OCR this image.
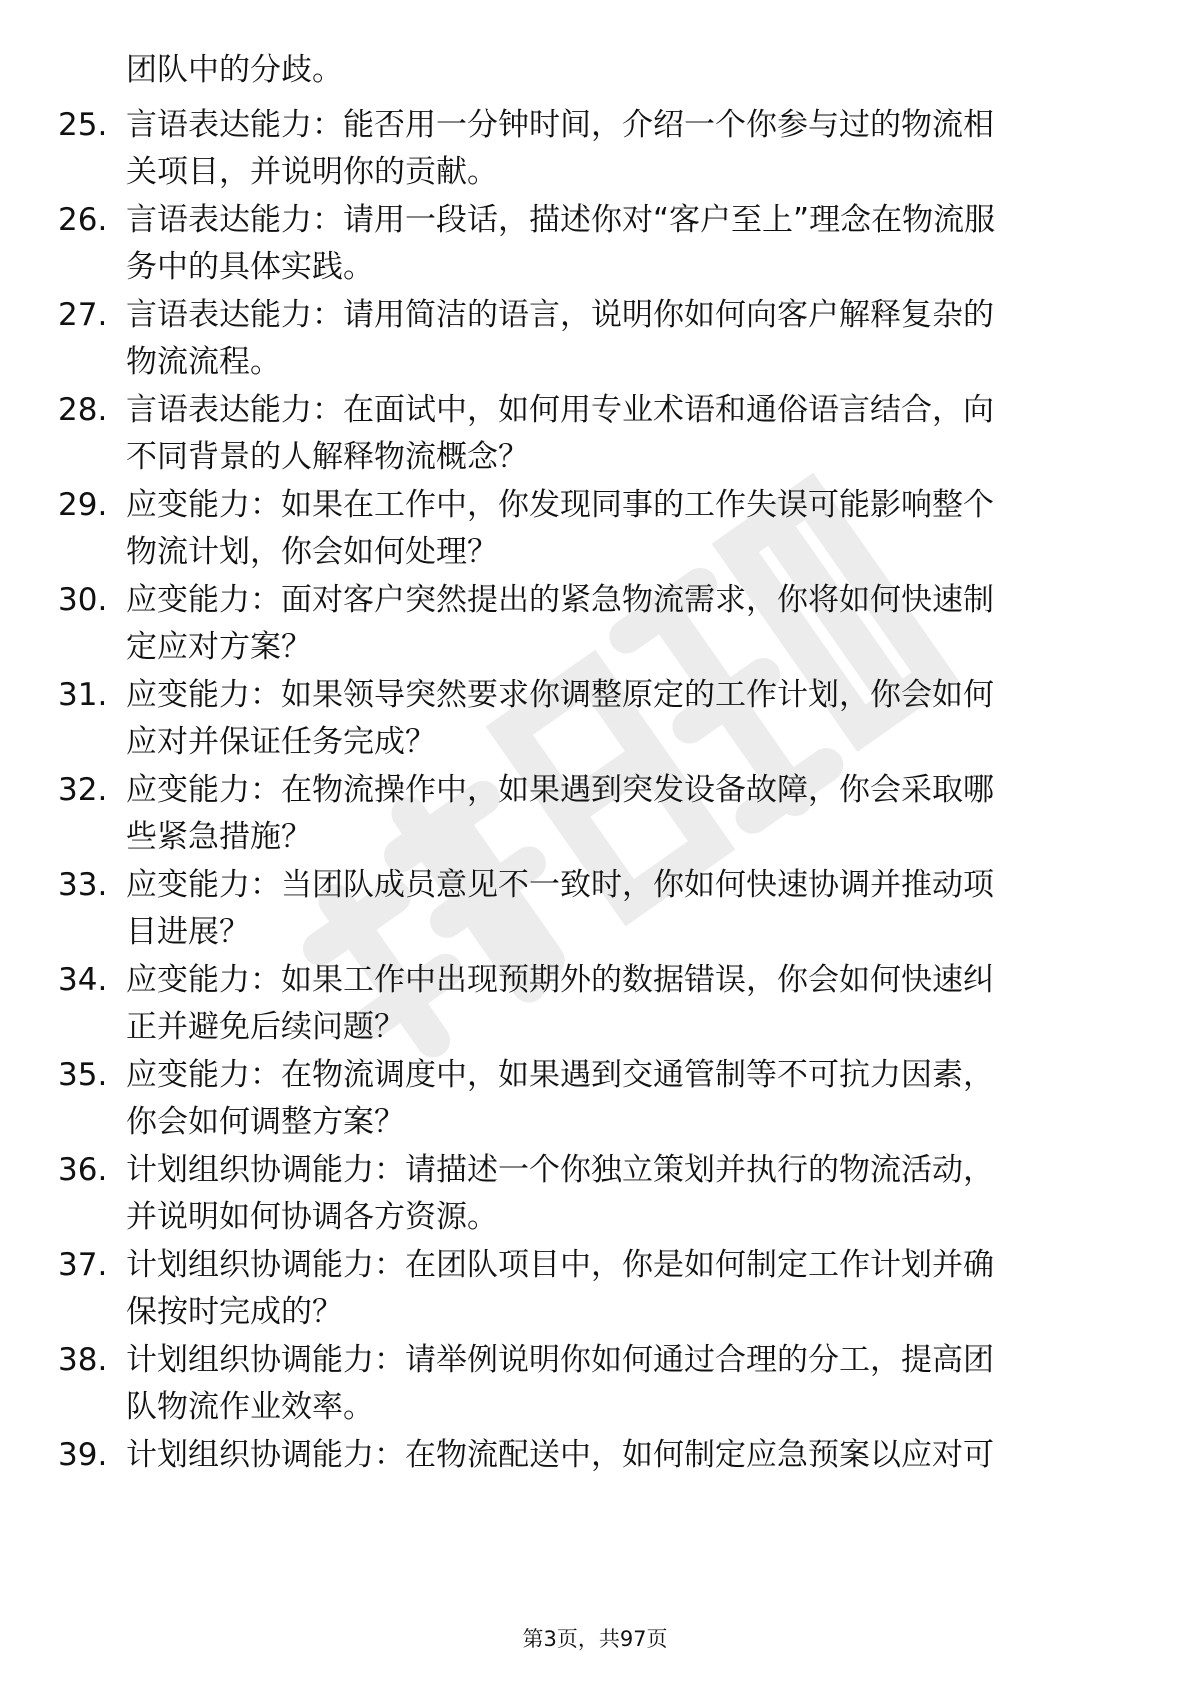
团队中的分歧。
25. 言语表达能力：能否用一分钟时间，介绍一个你参与过的物流相
关项目，并说明你的贡献。
26. 言语表达能力：请用一段话，描述你对“客户至上”理念在物流服
务中的具体实践。
27. 言语表达能力：请用简洁的语言，说明你如何向客户解释复杂的
物流流程。
28. 言语表达能力：在面试中，如何用专业术语和通俗语言结合，向
不同背景的人解释物流概念？
29. 应变能力：如果在工作中，你发现同事的工作失误可能影响整个
物流计划，你会如何处理？
30. 应变能力：面对客户突然提出的紧急物流需求，你将如何快速制
定应对方案？
31. 应变能力：如果领导突然要求你调整原定的工作计划，你会如何
应对并保证任务完成？
32. 应变能力：在物流操作中，如果遇到突发设备故障，你会采取哪
些紧急措施？
33. 应变能力：当团队成员意见不一致时，你如何快速协调并推动项
目进展？
34. 应变能力：如果工作中出现预期外的数据错误，你会如何快速纠
正并避免后续问题？
35. 应变能力：在物流调度中，如果遇到交通管制等不可抗力因素，
你会如何调整方案？
36. 计划组织协调能力：请描述一个你独立策划并执行的物流活动，
并说明如何协调各方资源。
37. 计划组织协调能力：在团队项目中，你是如何制定工作计划并确
保按时完成的？
38. 计划组织协调能力：请举例说明你如何通过合理的分工，提高团
队物流作业效率。
39. 计划组织协调能力：在物流配送中，如何制定应急预案以应对可
第3页，共97页
